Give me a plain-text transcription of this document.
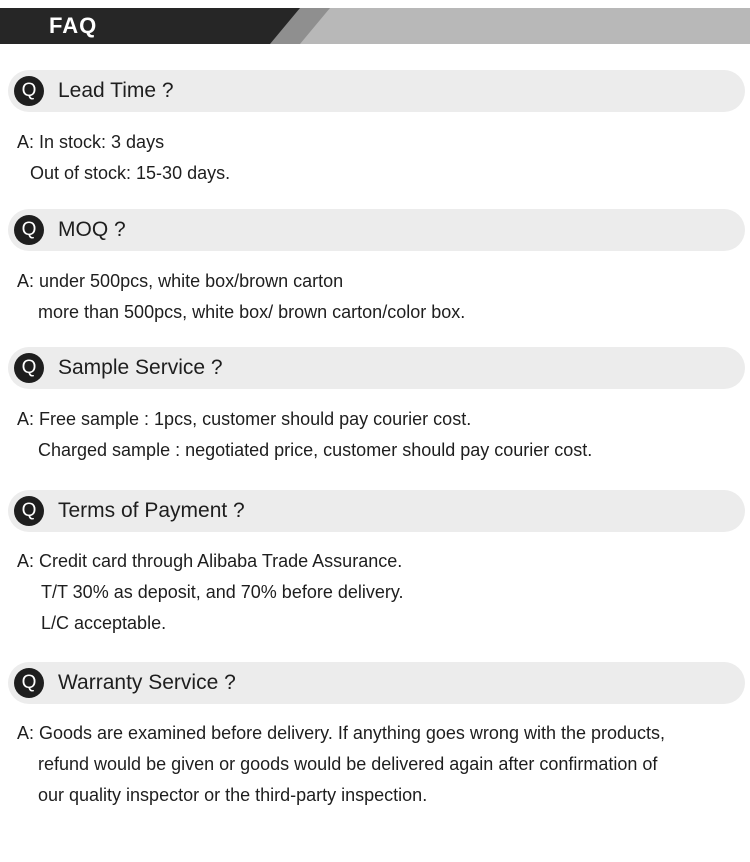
FAQ
Q	Lead Time ?
A: In stock: 3 days
Out of stock: 15-30 days.
Q	MOQ ?
A: under 500pcs, white box/brown carton
more than 500pcs, white box/ brown carton/color box.
Q	Sample Service ?
A: Free sample : 1pcs, customer should pay courier cost.
Charged sample : negotiated price, customer should pay courier cost.
Q	Terms of Payment ?
A: Credit card through Alibaba Trade Assurance.
T/T 30% as deposit, and 70% before delivery.
L/C acceptable.
Q	Warranty Service ?
A: Goods are examined before delivery. If anything goes wrong with the products,
refund would be given or goods would be delivered again after confirmation of
our quality inspector or the third-party inspection.
